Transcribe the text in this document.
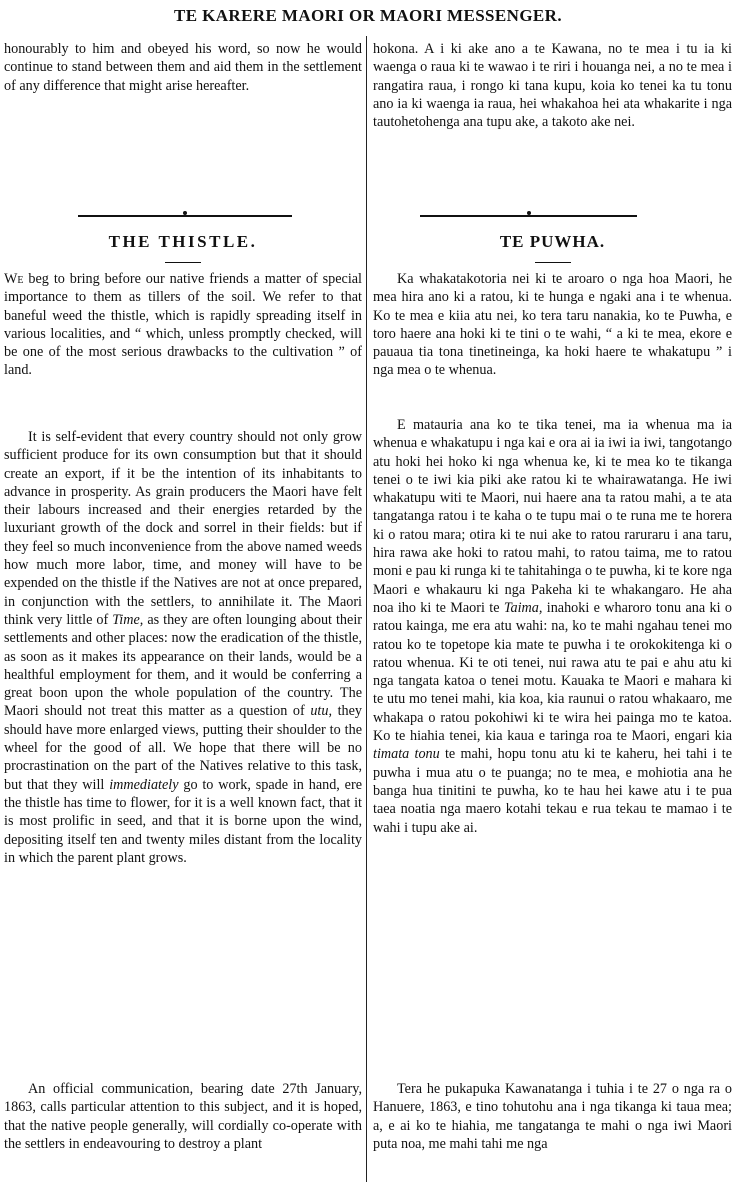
TE KARERE MAORI OR MAORI MESSENGER.

honourably to him and obeyed his word, so now he would continue to stand between them and aid them in the settlement of any difference that might arise hereafter.

hokona. A i ki ake ano a te Kawana, no te mea i tu ia ki waenga o raua ki te wawao i te riri i houanga nei, a no te mea i rangatira raua, i rongo ki tana kupu, koia ko tenei ka tu tonu ano ia ki waenga ia raua, hei whakahoa hei ata whakarite i nga tautohetohenga ana tupu ake, a takoto ake nei.

THE THISTLE.	TE PUWHA.

We beg to bring before our native friends a matter of special importance to them as tillers of the soil. We refer to that baneful weed the thistle, which is rapidly spreading itself in various localities, and “ which, unless promptly checked, will be one of the most serious drawbacks to the cultivation ” of land.

It is self-evident that every country should not only grow sufficient produce for its own consumption but that it should create an export, if it be the intention of its inhabitants to advance in prosperity. As grain producers the Maori have felt their labours increased and their energies retarded by the luxuriant growth of the dock and sorrel in their fields: but if they feel so much inconvenience from the above named weeds how much more labor, time, and money will have to be expended on the thistle if the Natives are not at once prepared, in conjunction with the settlers, to annihilate it. The Maori think very little of Time, as they are often lounging about their settlements and other places: now the eradication of the thistle, as soon as it makes its appearance on their lands, would be a healthful employment for them, and it would be conferring a great boon upon the whole population of the country. The Maori should not treat this matter as a question of utu, they should have more enlarged views, putting their shoulder to the wheel for the good of all. We hope that there will be no procrastination on the part of the Natives relative to this task, but that they will immediately go to work, spade in hand, ere the thistle has time to flower, for it is a well known fact, that it is most prolific in seed, and that it is borne upon the wind, depositing itself ten and twenty miles distant from the locality in which the parent plant grows.

An official communication, bearing date 27th January, 1863, calls particular attention to this subject, and it is hoped, that the native people generally, will cordially co-operate with the settlers in endeavouring to destroy a plant

Ka whakatakotoria nei ki te aroaro o nga hoa Maori, he mea hira ano ki a ratou, ki te hunga e ngaki ana i te whenua. Ko te mea e kiia atu nei, ko tera taru nanakia, ko te Puwha, e toro haere ana hoki ki te tini o te wahi, “ a ki te mea, ekore e pauaua tia tona tinetineinga, ka hoki haere te whakatupu ” i nga mea o te whenua.

E matauria ana ko te tika tenei, ma ia whenua ma ia whenua e whakatupu i nga kai e ora ai ia iwi ia iwi, tangotango atu hoki hei hoko ki nga whenua ke, ki te mea ko te tikanga tenei o te iwi kia piki ake ratou ki te whairawatanga. He iwi whakatupu witi te Maori, nui haere ana ta ratou mahi, a te ata tangatanga ratou i te kaha o te tupu mai o te runa me te horera ki o ratou mara; otira ki te nui ake to ratou raruraru i ana taru, hira rawa ake hoki to ratou mahi, to ratou taima, me to ratou moni e pau ki runga ki te tahitahinga o te puwha, ki te kore nga Maori e whakauru ki nga Pakeha ki te whakangaro. He aha noa iho ki te Maori te Taima, inahoki e wharoro tonu ana ki o ratou kainga, me era atu wahi: na, ko te mahi ngahau tenei mo ratou ko te topetope kia mate te puwha i te orokokitenga ki o ratou whenua. Ki te oti tenei, nui rawa atu te pai e ahu atu ki nga tangata katoa o tenei motu. Kauaka te Maori e mahara ki te utu mo tenei mahi, kia koa, kia raunui o ratou whakaaro, me whakapa o ratou pokohiwi ki te wira hei painga mo te katoa. Ko te hiahia tenei, kia kaua e taringa roa te Maori, engari kia timata tonu te mahi, hopu tonu atu ki te kaheru, hei tahi i te puwha i mua atu o te puanga; no te mea, e mohiotia ana he banga hua tinitini te puwha, ko te hau hei kawe atu i te pua taea noatia nga maero kotahi tekau e rua tekau te mamao i te wahi i tupu ake ai.

Tera he pukapuka Kawanatanga i tuhia i te 27 o nga ra o Hanuere, 1863, e tino tohutohu ana i nga tikanga ki taua mea; a, e ai ko te hiahia, me tangatanga te mahi o nga iwi Maori puta noa, me mahi tahi me nga
